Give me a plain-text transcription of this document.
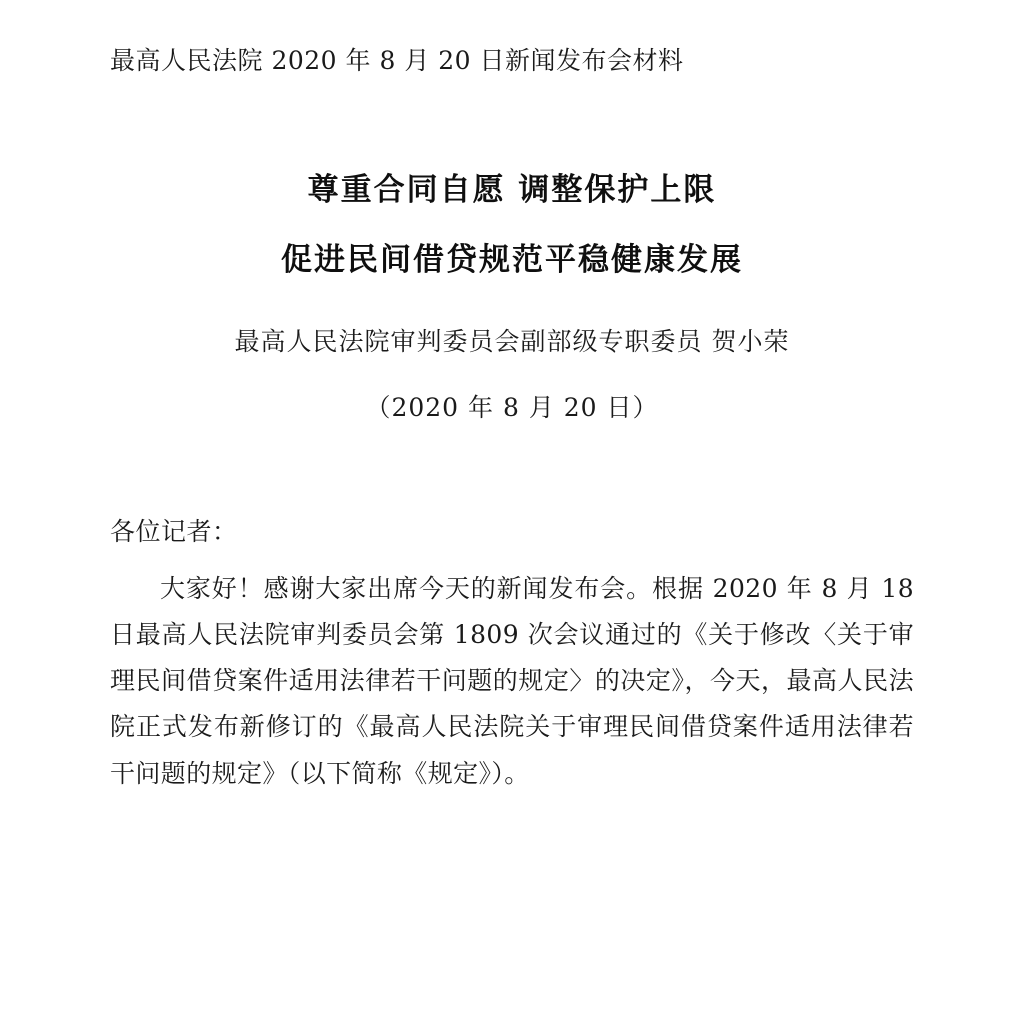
最高人民法院 2020 年 8 月 20 日新闻发布会材料
尊重合同自愿 调整保护上限
促进民间借贷规范平稳健康发展
最高人民法院审判委员会副部级专职委员 贺小荣
（2020 年 8 月 20 日）
各位记者：
大家好！感谢大家出席今天的新闻发布会。根据 2020 年 8 月 18 日最高人民法院审判委员会第 1809 次会议通过的《关于修改〈关于审理民间借贷案件适用法律若干问题的规定〉的决定》，今天，最高人民法院正式发布新修订的《最高人民法院关于审理民间借贷案件适用法律若干问题的规定》（以下简称《规定》）。
